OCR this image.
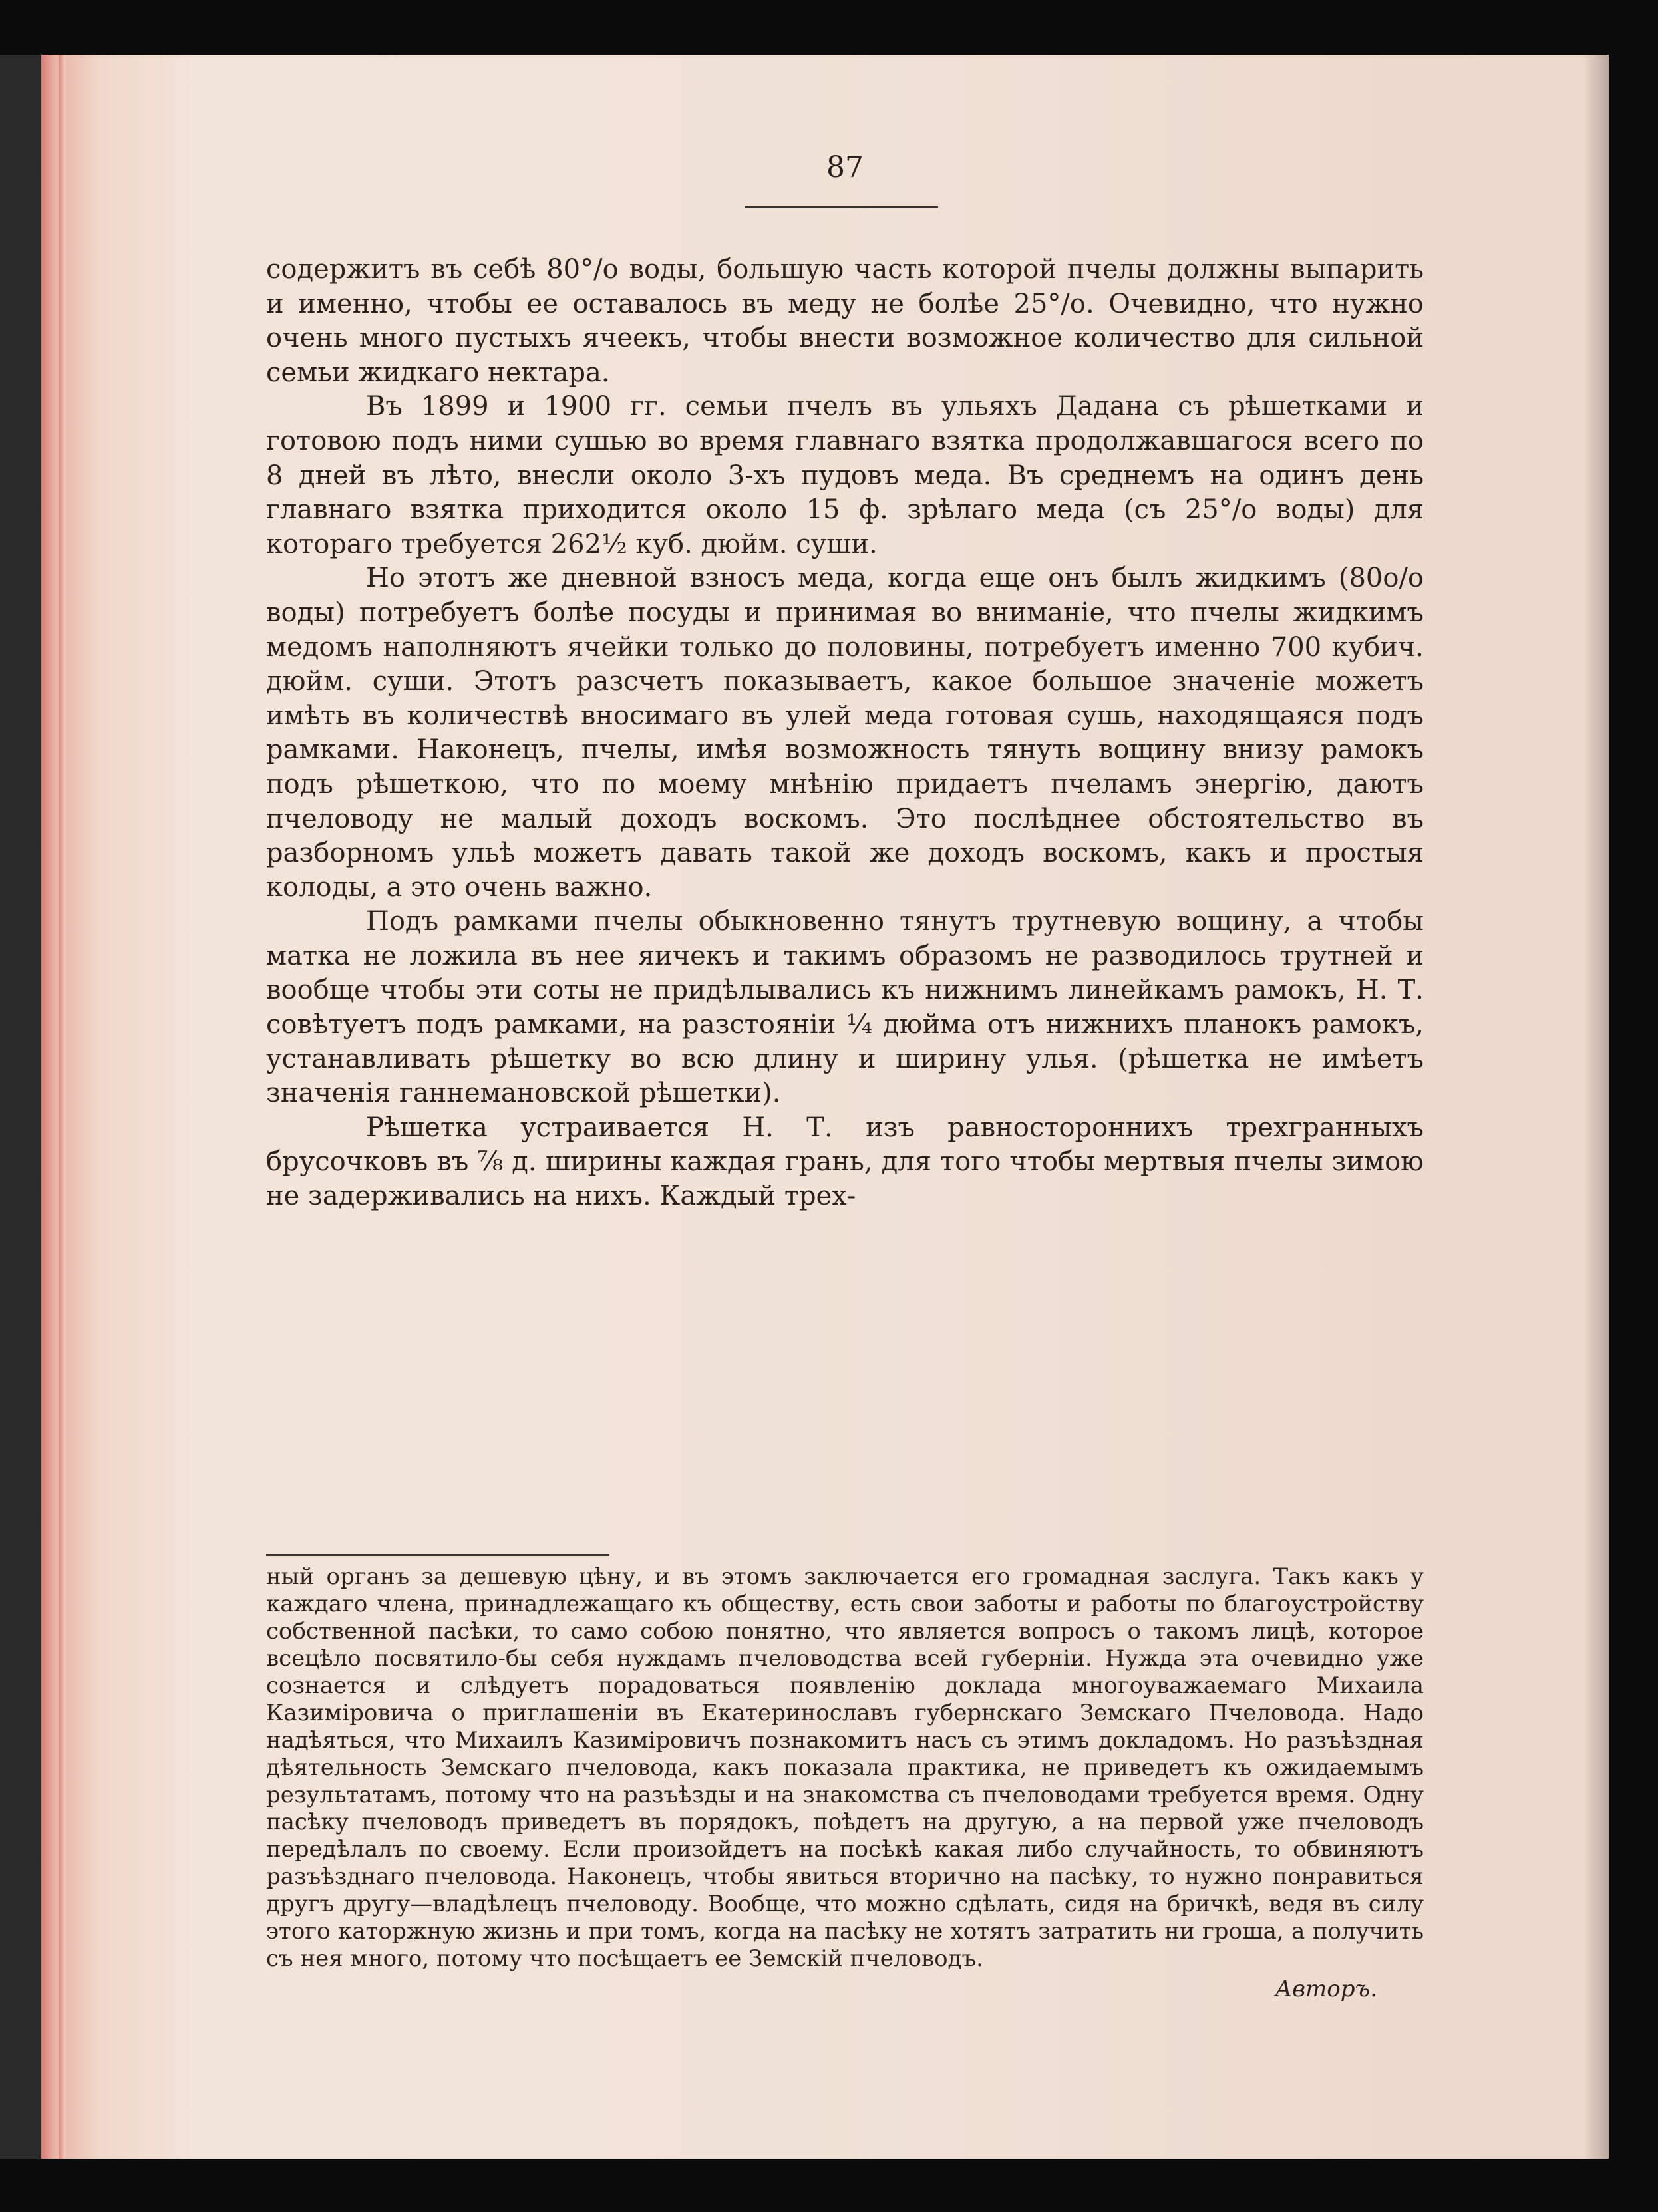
87

содержитъ въ себѣ 80°/о воды, большую часть которой пчелы должны выпарить и именно, чтобы ее оставалось въ меду не болѣе 25°/о. Очевидно, что нужно очень много пустыхъ ячеекъ, чтобы внести возможное количество для сильной семьи жидкаго нектара.

Въ 1899 и 1900 гг. семьи пчелъ въ ульяхъ Дадана съ рѣшетками и готовою подъ ними сушью во время главнаго взятка продолжавшагося всего по 8 дней въ лѣто, внесли около 3-хъ пудовъ меда. Въ среднемъ на одинъ день главнаго взятка приходится около 15 ф. зрѣлаго меда (съ 25°/о воды) для котораго требуется 262½ куб. дюйм. суши.

Но этотъ же дневной взносъ меда, когда еще онъ былъ жидкимъ (80о/о воды) потребуетъ болѣе посуды и принимая во вниманіе, что пчелы жидкимъ медомъ наполняютъ ячейки только до половины, потребуетъ именно 700 кубич. дюйм. суши. Этотъ разсчетъ показываетъ, какое большое значеніе можетъ имѣть въ количествѣ вносимаго въ улей меда готовая сушь, находящаяся подъ рамками. Наконецъ, пчелы, имѣя возможность тянуть вощину внизу рамокъ подъ рѣшеткою, что по моему мнѣнію придаетъ пчеламъ энергію, даютъ пчеловоду не малый доходъ воскомъ. Это послѣднее обстоятельство въ разборномъ ульѣ можетъ давать такой же доходъ воскомъ, какъ и простыя колоды, а это очень важно.

Подъ рамками пчелы обыкновенно тянутъ трутневую вощину, а чтобы матка не ложила въ нее яичекъ и такимъ образомъ не разводилось трутней и вообще чтобы эти соты не придѣлывались къ нижнимъ линейкамъ рамокъ, Н. Т. совѣтуетъ подъ рамками, на разстояніи ¼ дюйма отъ нижнихъ планокъ рамокъ, устанавливать рѣшетку во всю длину и ширину улья. (рѣшетка не имѣетъ значенія ганнемановской рѣшетки).

Рѣшетка устраивается Н. Т. изъ равностороннихъ трехгранныхъ брусочковъ въ ⅞ д. ширины каждая грань, для того чтобы мертвыя пчелы зимою не задерживались на нихъ. Каждый трех-

ный органъ за дешевую цѣну, и въ этомъ заключается его громадная заслуга. Такъ какъ у каждаго члена, принадлежащаго къ обществу, есть свои заботы и работы по благоустройству собственной пасѣки, то само собою понятно, что является вопросъ о такомъ лицѣ, которое всецѣло посвятило-бы себя нуждамъ пчеловодства всей губерніи. Нужда эта очевидно уже сознается и слѣдуетъ порадоваться появленію доклада многоуважаемаго Михаила Казиміровича о приглашеніи въ Екатеринославъ губернскаго Земскаго Пчеловода. Надо надѣяться, что Михаилъ Казиміровичъ познакомитъ насъ съ этимъ докладомъ. Но разъѣздная дѣятельность Земскаго пчеловода, какъ показала практика, не приведетъ къ ожидаемымъ результатамъ, потому что на разъѣзды и на знакомства съ пчеловодами требуется время. Одну пасѣку пчеловодъ приведетъ въ порядокъ, поѣдетъ на другую, а на первой уже пчеловодъ передѣлалъ по своему. Если произойдетъ на посѣкѣ какая либо случайность, то обвиняютъ разъѣзднаго пчеловода. Наконецъ, чтобы явиться вторично на пасѣку, то нужно понравиться другъ другу—владѣлецъ пчеловоду. Вообще, что можно сдѣлать, сидя на бричкѣ, ведя въ силу этого каторжную жизнь и при томъ, когда на пасѣку не хотятъ затратить ни гроша, а получить съ нея много, потому что посѣщаетъ ее Земскій пчеловодъ.

Авторъ.
